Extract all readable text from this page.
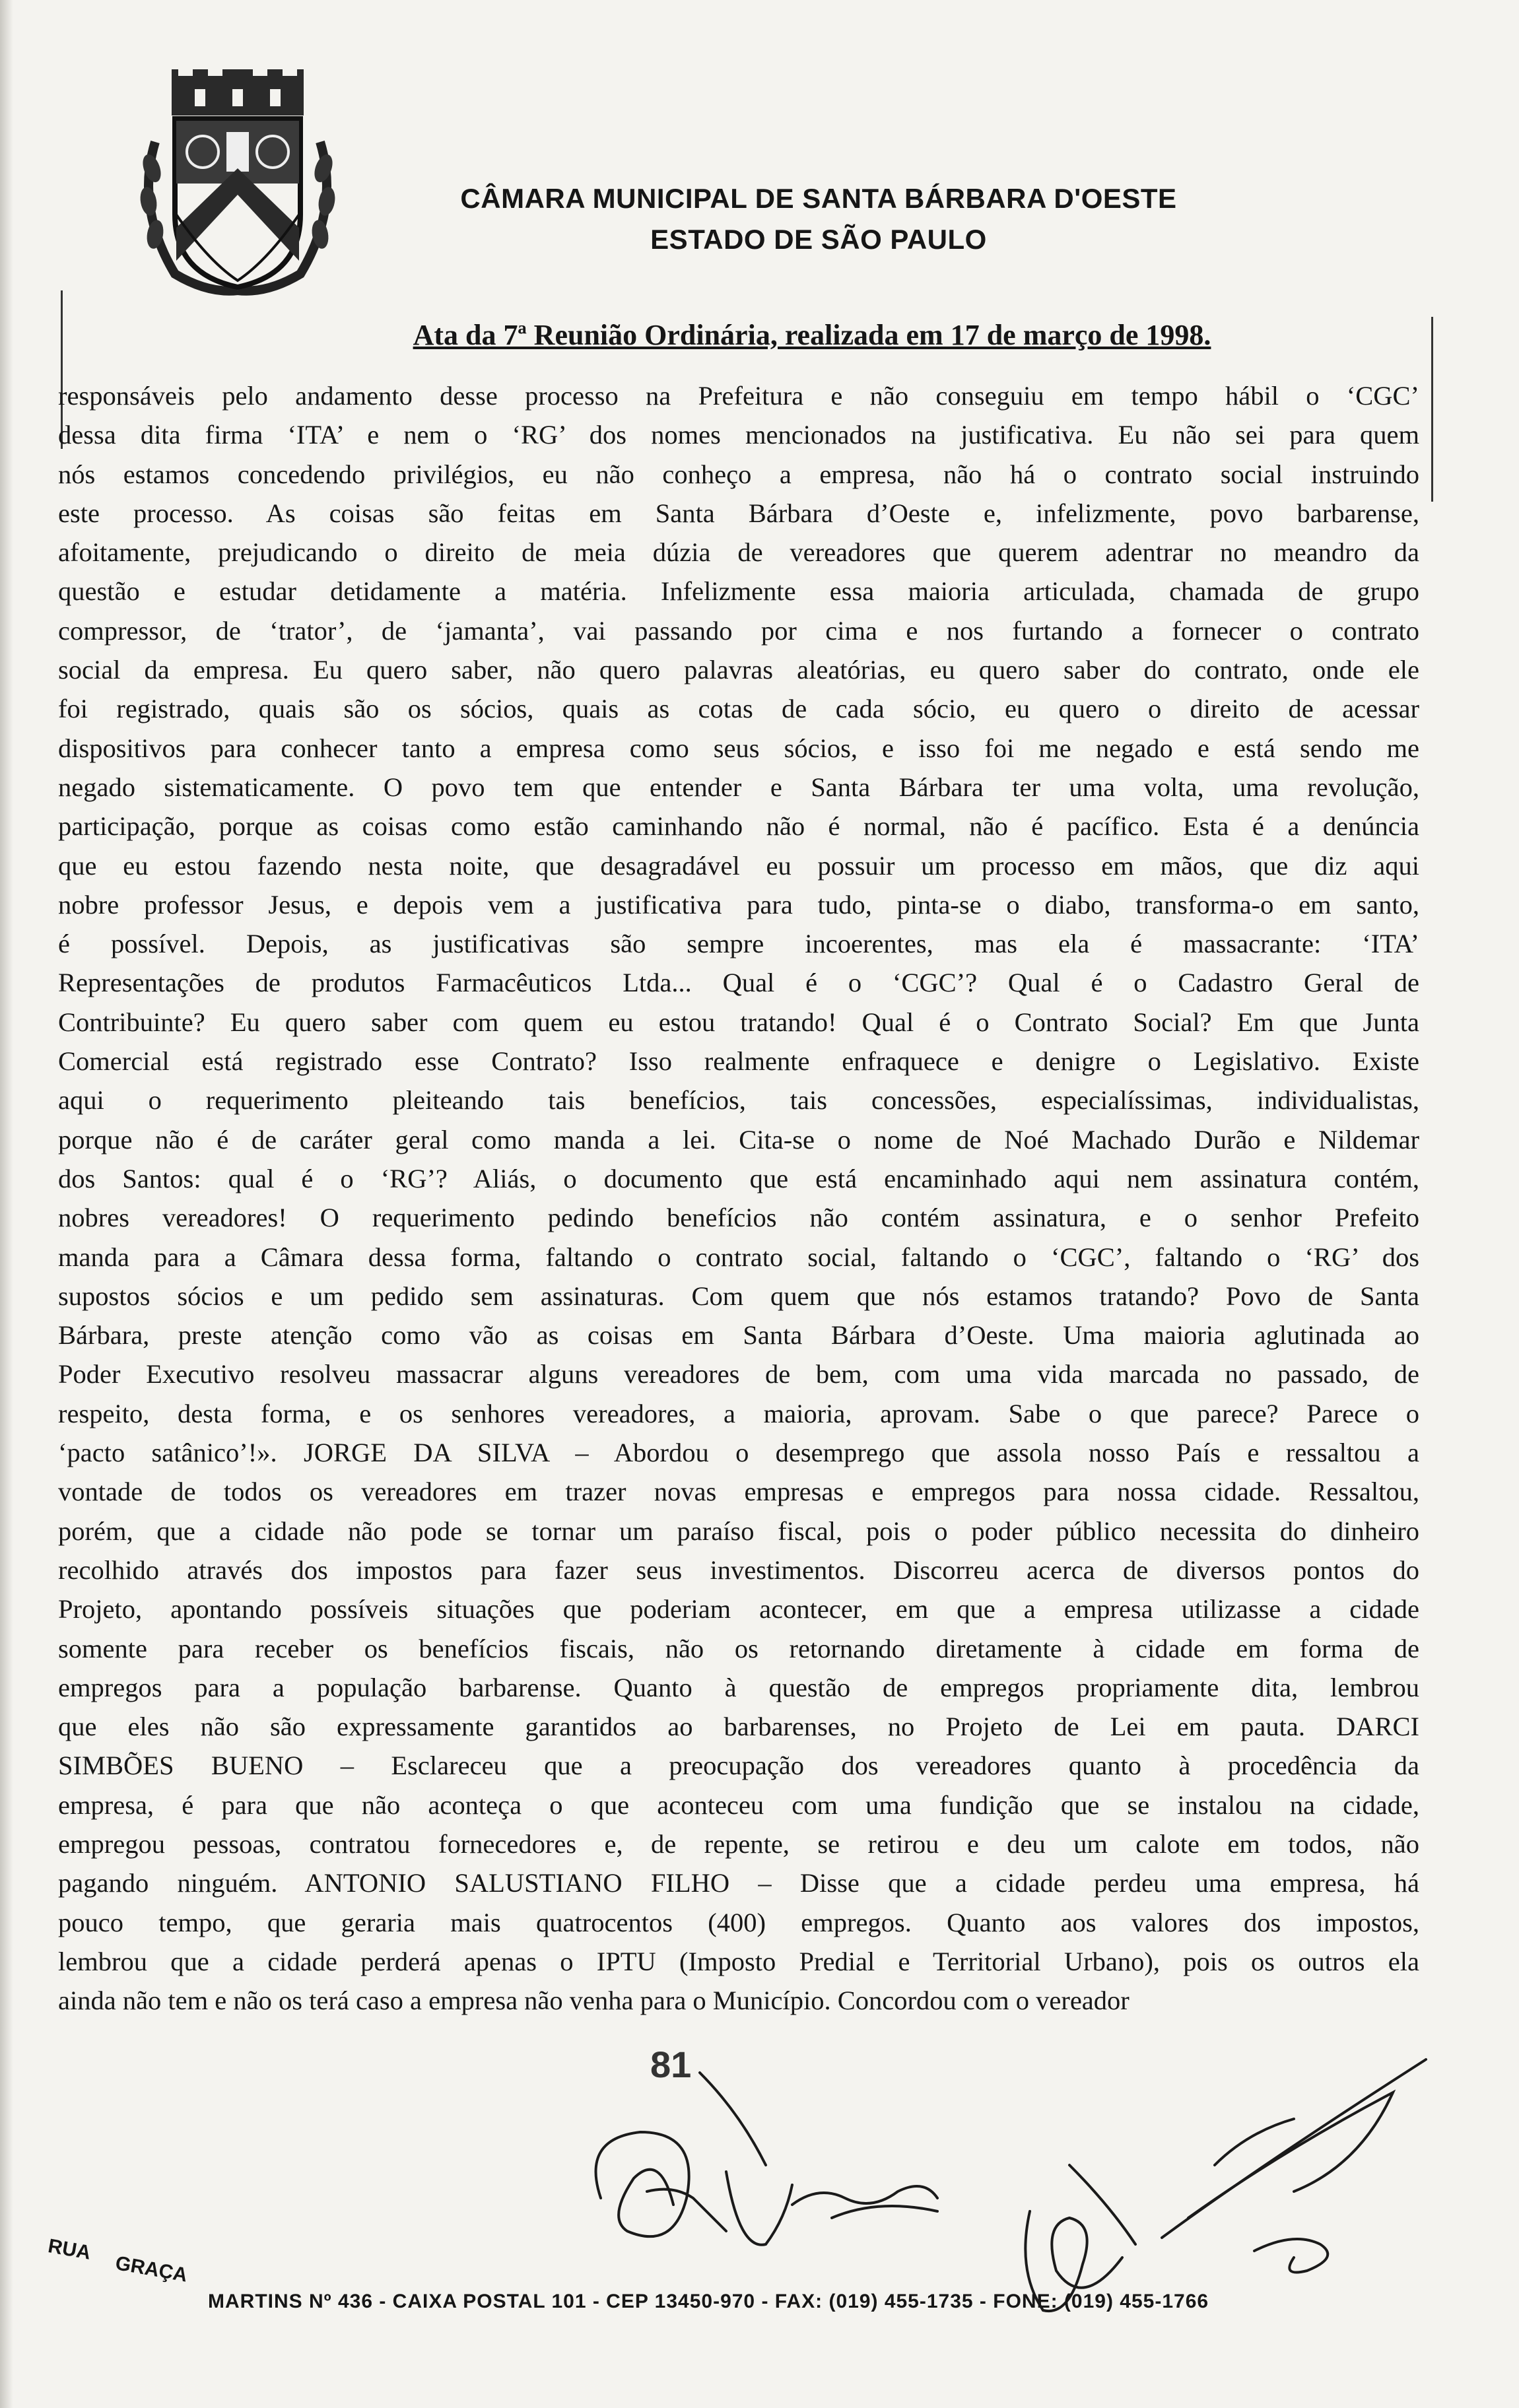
CÂMARA MUNICIPAL DE SANTA BÁRBARA D'OESTE
ESTADO DE SÃO PAULO
Ata da 7ª Reunião Ordinária, realizada em 17 de março de 1998.
responsáveis pelo andamento desse processo na Prefeitura e não conseguiu em tempo hábil o ‘CGC’
dessa dita firma ‘ITA’ e nem o ‘RG’ dos nomes mencionados na justificativa. Eu não sei para quem
nós estamos concedendo privilégios, eu não conheço a empresa, não há o contrato social instruindo
este processo. As coisas são feitas em Santa Bárbara d’Oeste e, infelizmente, povo barbarense,
afoitamente, prejudicando o direito de meia dúzia de vereadores que querem adentrar no meandro da
questão e estudar detidamente a matéria. Infelizmente essa maioria articulada, chamada de grupo
compressor, de ‘trator’, de ‘jamanta’, vai passando por cima e nos furtando a fornecer o contrato
social da empresa. Eu quero saber, não quero palavras aleatórias, eu quero saber do contrato, onde ele
foi registrado, quais são os sócios, quais as cotas de cada sócio, eu quero o direito de acessar
dispositivos para conhecer tanto a empresa como seus sócios, e isso foi me negado e está sendo me
negado sistematicamente. O povo tem que entender e Santa Bárbara ter uma volta, uma revolução,
participação, porque as coisas como estão caminhando não é normal, não é pacífico. Esta é a denúncia
que eu estou fazendo nesta noite, que desagradável eu possuir um processo em mãos, que diz aqui
nobre professor Jesus, e depois vem a justificativa para tudo, pinta-se o diabo, transforma-o em santo,
é possível. Depois, as justificativas são sempre incoerentes, mas ela é massacrante: ‘ITA’
Representações de produtos Farmacêuticos Ltda... Qual é o ‘CGC’? Qual é o Cadastro Geral de
Contribuinte? Eu quero saber com quem eu estou tratando! Qual é o Contrato Social? Em que Junta
Comercial está registrado esse Contrato? Isso realmente enfraquece e denigre o Legislativo. Existe
aqui o requerimento pleiteando tais benefícios, tais concessões, especialíssimas, individualistas,
porque não é de caráter geral como manda a lei. Cita-se o nome de Noé Machado Durão e Nildemar
dos Santos: qual é o ‘RG’? Aliás, o documento que está encaminhado aqui nem assinatura contém,
nobres vereadores! O requerimento pedindo benefícios não contém assinatura, e o senhor Prefeito
manda para a Câmara dessa forma, faltando o contrato social, faltando o ‘CGC’, faltando o ‘RG’ dos
supostos sócios e um pedido sem assinaturas. Com quem que nós estamos tratando? Povo de Santa
Bárbara, preste atenção como vão as coisas em Santa Bárbara d’Oeste. Uma maioria aglutinada ao
Poder Executivo resolveu massacrar alguns vereadores de bem, com uma vida marcada no passado, de
respeito, desta forma, e os senhores vereadores, a maioria, aprovam. Sabe o que parece? Parece o
‘pacto satânico’!». JORGE DA SILVA – Abordou o desemprego que assola nosso País e ressaltou a
vontade de todos os vereadores em trazer novas empresas e empregos para nossa cidade. Ressaltou,
porém, que a cidade não pode se tornar um paraíso fiscal, pois o poder público necessita do dinheiro
recolhido através dos impostos para fazer seus investimentos. Discorreu acerca de diversos pontos do
Projeto, apontando possíveis situações que poderiam acontecer, em que a empresa utilizasse a cidade
somente para receber os benefícios fiscais, não os retornando diretamente à cidade em forma de
empregos para a população barbarense. Quanto à questão de empregos propriamente dita, lembrou
que eles não são expressamente garantidos ao barbarenses, no Projeto de Lei em pauta. DARCI
SIMBÕES BUENO – Esclareceu que a preocupação dos vereadores quanto à procedência da
empresa, é para que não aconteça o que aconteceu com uma fundição que se instalou na cidade,
empregou pessoas, contratou fornecedores e, de repente, se retirou e deu um calote em todos, não
pagando ninguém. ANTONIO SALUSTIANO FILHO – Disse que a cidade perdeu uma empresa, há
pouco tempo, que geraria mais quatrocentos (400) empregos. Quanto aos valores dos impostos,
lembrou que a cidade perderá apenas o IPTU (Imposto Predial e Territorial Urbano), pois os outros ela
ainda não tem e não os terá caso a empresa não venha para o Município. Concordou com o vereador
81
RUA
GRAÇA
MARTINS Nº 436 - CAIXA POSTAL 101 - CEP 13450-970 - FAX: (019) 455-1735 - FONE: (019) 455-1766
